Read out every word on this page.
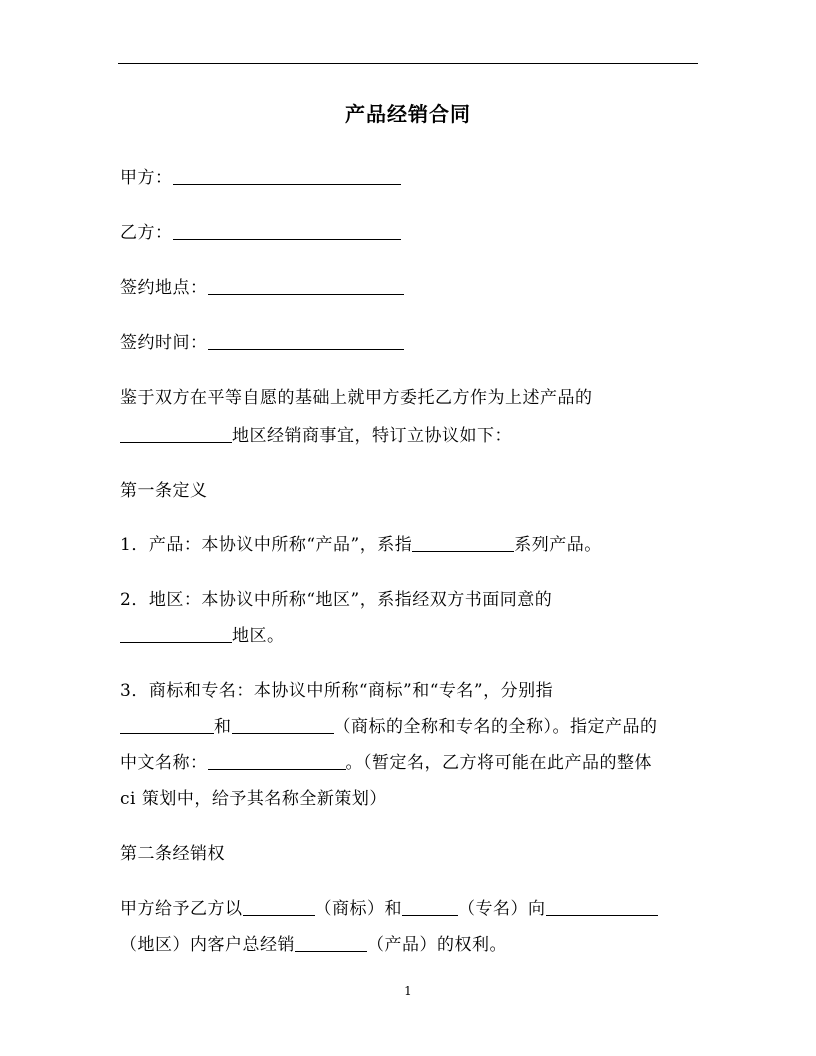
产品经销合同
甲方：
乙方：
签约地点：
签约时间：
鉴于双方在平等自愿的基础上就甲方委托乙方作为上述产品的
地区经销商事宜，特订立协议如下：
第一条定义
1．产品：本协议中所称“产品”，系指	系列产品。
2．地区：本协议中所称“地区”，系指经双方书面同意的
地区。
3．商标和专名：本协议中所称“商标”和“专名”，分别指
和	（商标的全称和专名的全称）。指定产品的
中文名称：	。（暂定名，乙方将可能在此产品的整体
ci 策划中，给予其名称全新策划）
第二条经销权
甲方给予乙方以	（商标）和	（专名）向
（地区）内客户总经销	（产品）的权利。
1
